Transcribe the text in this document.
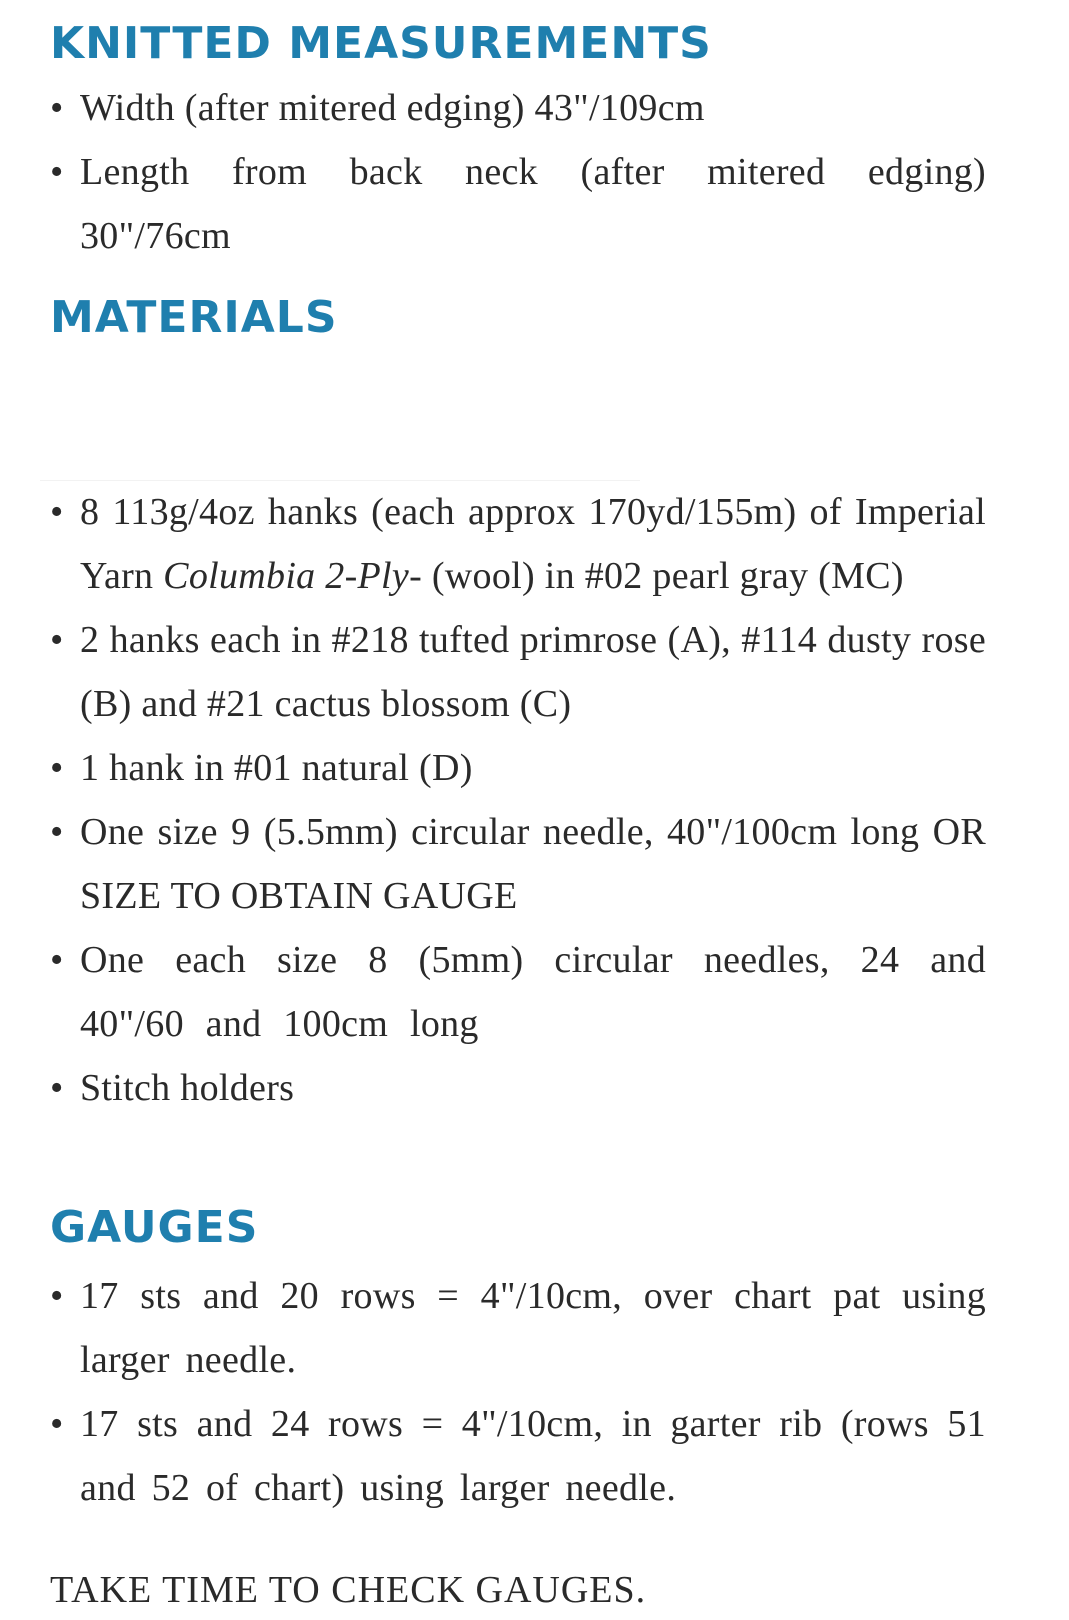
KNITTED MEASUREMENTS
• Width (after mitered edging) 43"/109cm
• Length from back neck (after mitered edging) 30"/76cm
MATERIALS
• 8 113g/4oz hanks (each approx 170yd/155m) of Imperial Yarn Columbia 2-Ply- (wool) in #02 pearl gray (MC)
• 2 hanks each in #218 tufted primrose (A), #114 dusty rose (B) and #21 cactus blossom (C)
• 1 hank in #01 natural (D)
• One size 9 (5.5mm) circular needle, 40"/100cm long OR SIZE TO OBTAIN GAUGE
• One each size 8 (5mm) circular needles, 24 and 40"/60 and 100cm long
• Stitch holders
GAUGES
• 17 sts and 20 rows = 4"/10cm, over chart pat using larger needle.
• 17 sts and 24 rows = 4"/10cm, in garter rib (rows 51 and 52 of chart) using larger needle.

TAKE TIME TO CHECK GAUGES.
